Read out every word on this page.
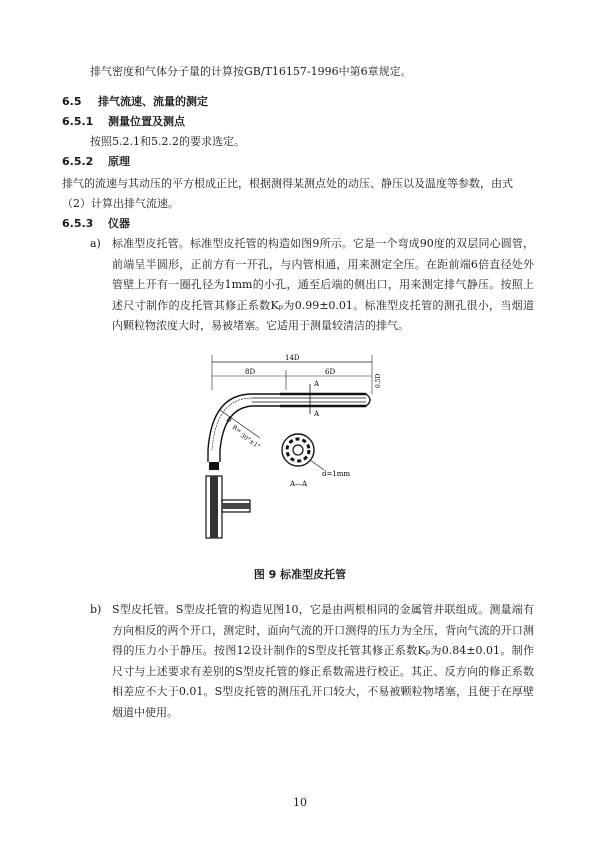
排气密度和气体分子量的计算按GB/T16157-1996中第6章规定。
6.5 排气流速、流量的测定
6.5.1 测量位置及测点
按照5.2.1和5.2.2的要求选定。
6.5.2 原理
排气的流速与其动压的平方根成正比，根据测得某测点处的动压、静压以及温度等参数，由式
（2）计算出排气流速。
6.5.3 仪器
a) 标准型皮托管。标准型皮托管的构造如图9所示。它是一个弯成90度的双层同心圆管，前端呈半圆形，正前方有一开孔，与内管相通，用来测定全压。在距前端6倍直径处外管壁上开有一圈孔径为1mm的小孔，通至后端的侧出口，用来测定排气静压。按照上述尺寸制作的皮托管其修正系数Kₚ为0.99±0.01。标准型皮托管的测孔很小，当烟道内颗粒物浓度大时，易被堵塞。它适用于测量较清洁的排气。
14D
8D	6D
0.5D
A
A
D
R=
30°±1°
d=1mm
A—A
图 9 标准型皮托管
b) S型皮托管。S型皮托管的构造见图10，它是由两根相同的金属管并联组成。测量端有方向相反的两个开口，测定时，面向气流的开口测得的压力为全压，背向气流的开口测得的压力小于静压。按图12设计制作的S型皮托管其修正系数Kₚ为0.84±0.01。制作尺寸与上述要求有差别的S型皮托管的修正系数需进行校正。其正、反方向的修正系数相差应不大于0.01。S型皮托管的测压孔开口较大，不易被颗粒物堵塞，且便于在厚壁烟道中使用。
10
